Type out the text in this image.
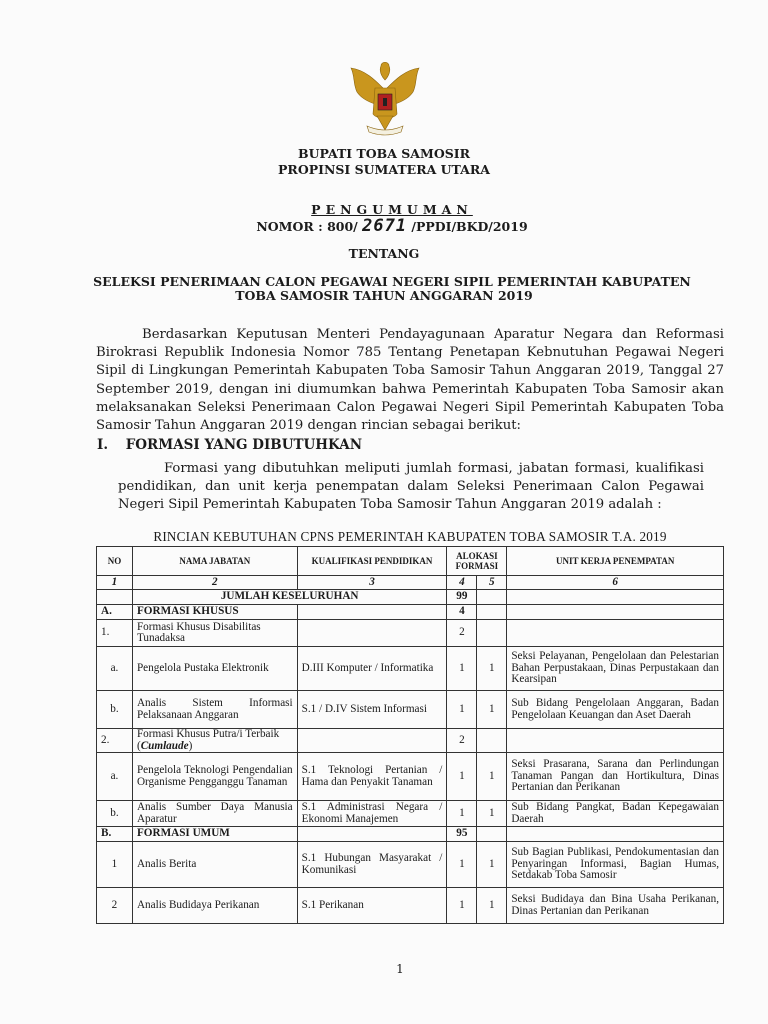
BUPATI TOBA SAMOSIR
PROPINSI SUMATERA UTARA
PENGUMUMAN
NOMOR : 800/ 2671 /PPDI/BKD/2019
TENTANG
SELEKSI PENERIMAAN CALON PEGAWAI NEGERI SIPIL PEMERINTAH KABUPATEN
TOBA SAMOSIR TAHUN ANGGARAN 2019

Berdasarkan Keputusan Menteri Pendayagunaan Aparatur Negara dan Reformasi Birokrasi Republik Indonesia Nomor 785 Tentang Penetapan Kebnutuhan Pegawai Negeri Sipil di Lingkungan Pemerintah Kabupaten Toba Samosir Tahun Anggaran 2019, Tanggal 27 September 2019, dengan ini diumumkan bahwa Pemerintah Kabupaten Toba Samosir akan melaksanakan Seleksi Penerimaan Calon Pegawai Negeri Sipil Pemerintah Kabupaten Toba Samosir Tahun Anggaran 2019 dengan rincian sebagai berikut:

I. FORMASI YANG DIBUTUHKAN

Formasi yang dibutuhkan meliputi jumlah formasi, jabatan formasi, kualifikasi pendidikan, dan unit kerja penempatan dalam Seleksi Penerimaan Calon Pegawai Negeri Sipil Pemerintah Kabupaten Toba Samosir Tahun Anggaran 2019 adalah :

RINCIAN KEBUTUHAN CPNS PEMERINTAH KABUPATEN TOBA SAMOSIR T.A. 2019
NO	NAMA JABATAN	KUALIFIKASI PENDIDIKAN	ALOKASI FORMASI		UNIT KERJA PENEMPATAN
1	2	3	4	5	6
	JUMLAH KESELURUHAN		99		
A.	FORMASI KHUSUS		4		
1.	Formasi Khusus Disabilitas Tunadaksa		2		
a.	Pengelola Pustaka Elektronik	D.III Komputer / Informatika	1	1	Seksi Pelayanan, Pengelolaan dan Pelestarian Bahan Perpustakaan, Dinas Perpustakaan dan Kearsipan
b.	Analis Sistem Informasi Pelaksanaan Anggaran	S.1 / D.IV Sistem Informasi	1	1	Sub Bidang Pengelolaan Anggaran, Badan Pengelolaan Keuangan dan Aset Daerah
2.	Formasi Khusus Putra/i Terbaik (Cumlaude)		2		
a.	Pengelola Teknologi Pengendalian Organisme Pengganggu Tanaman	S.1 Teknologi Pertanian / Hama dan Penyakit Tanaman	1	1	Seksi Prasarana, Sarana dan Perlindungan Tanaman Pangan dan Hortikultura, Dinas Pertanian dan Perikanan
b.	Analis Sumber Daya Manusia Aparatur	S.1 Administrasi Negara / Ekonomi Manajemen	1	1	Sub Bidang Pangkat, Badan Kepegawaian Daerah
B.	FORMASI UMUM		95		
1	Analis Berita	S.1 Hubungan Masyarakat / Komunikasi	1	1	Sub Bagian Publikasi, Pendokumentasian dan Penyaringan Informasi, Bagian Humas, Setdakab Toba Samosir
2	Analis Budidaya Perikanan	S.1 Perikanan	1	1	Seksi Budidaya dan Bina Usaha Perikanan, Dinas Pertanian dan Perikanan
1
